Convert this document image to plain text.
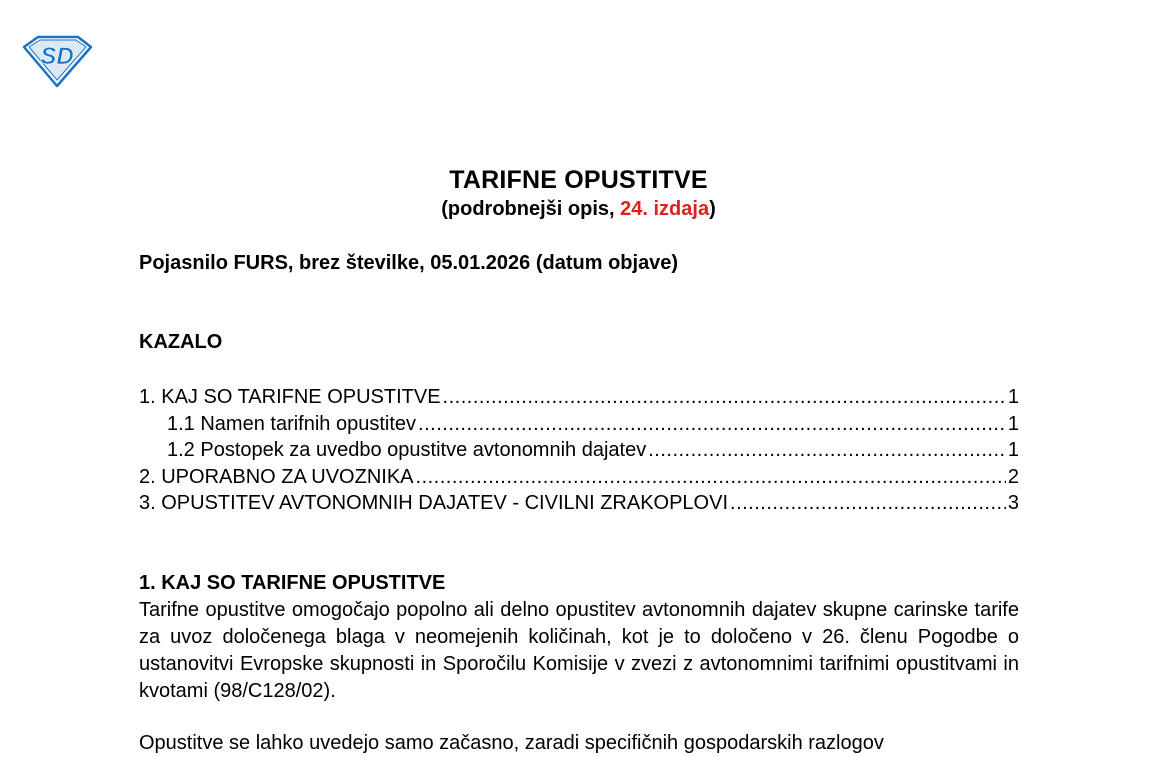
SD
TARIFNE OPUSTITVE
(podrobnejši opis, 24. izdaja)
Pojasnilo FURS, brez številke, 05.01.2026 (datum objave)
KAZALO
1. KAJ SO TARIFNE OPUSTITVE .....	1
1.1 Namen tarifnih opustitev .....	1
1.2 Postopek za uvedbo opustitve avtonomnih dajatev .....	1
2. UPORABNO ZA UVOZNIKA .....	2
3. OPUSTITEV AVTONOMNIH DAJATEV - CIVILNI ZRAKOPLOVI .....	3
1. KAJ SO TARIFNE OPUSTITVE

Tarifne opustitve omogočajo popolno ali delno opustitev avtonomnih dajatev skupne carinske tarife za uvoz določenega blaga v neomejenih količinah, kot je to določeno v 26. členu Pogodbe o ustanovitvi Evropske skupnosti in Sporočilu Komisije v zvezi z avtonomnimi tarifnimi opustitvami in kvotami (98/C128/02).

Opustitve se lahko uvedejo samo začasno, zaradi specifičnih gospodarskih razlogov
